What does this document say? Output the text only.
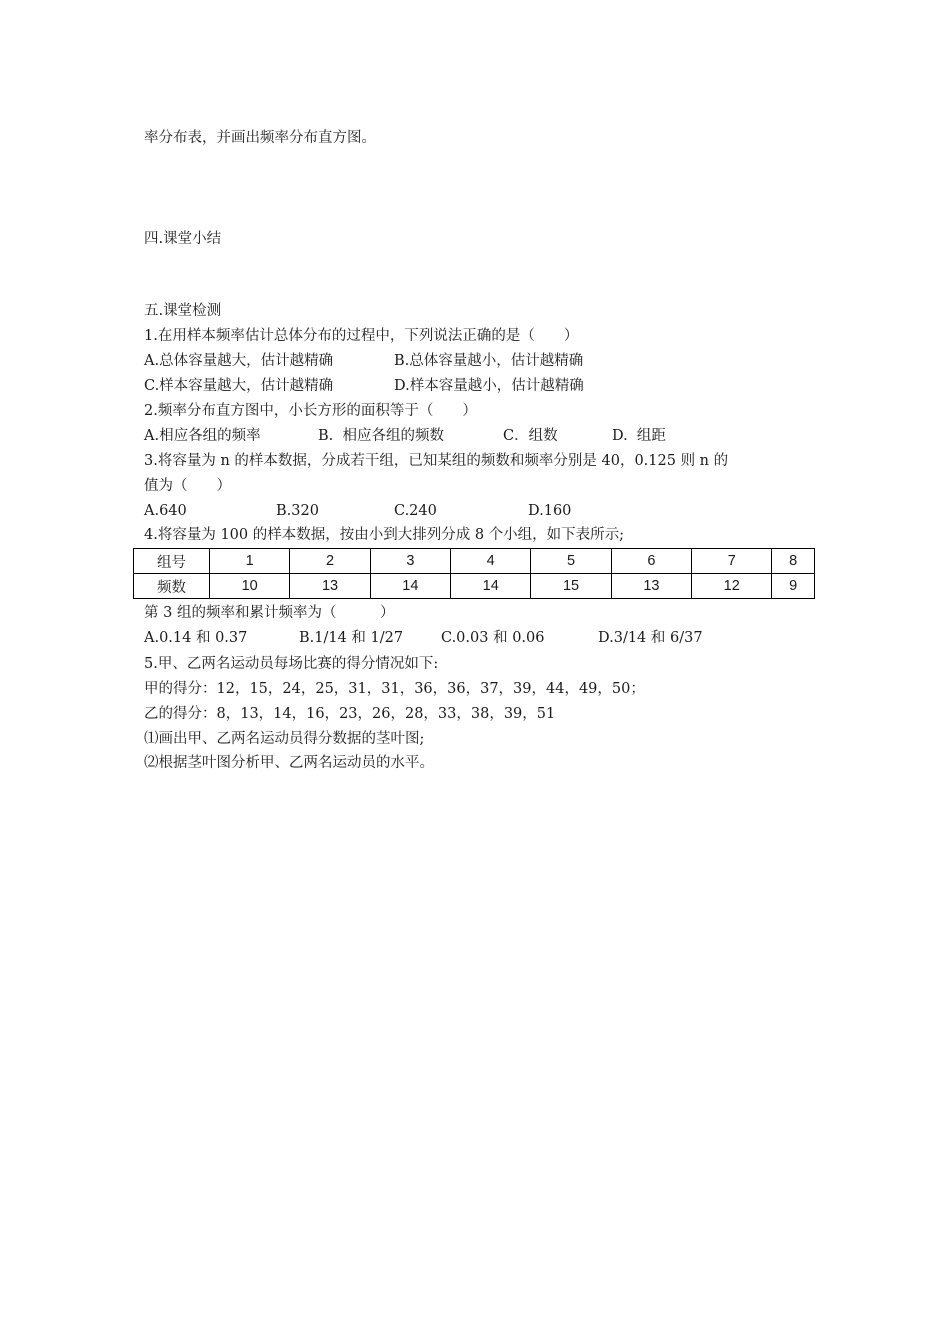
率分布表，并画出频率分布直方图。
四.课堂小结
五.课堂检测
1.在用样本频率估计总体分布的过程中，下列说法正确的是（　　）
A.总体容量越大，估计越精确	B.总体容量越小，估计越精确
C.样本容量越大，估计越精确	D.样本容量越小，估计越精确
2.频率分布直方图中，小长方形的面积等于（　　）
A.相应各组的频率	B.  相应各组的频数	C．组数	D.  组距
3.将容量为 n 的样本数据，分成若干组，已知某组的频数和频率分别是 40，0.125 则 n 的
值为（　　）
A.640	B.320	C.240	D.160
4.将容量为 100 的样本数据，按由小到大排列分成 8 个小组，如下表所示;
组号	1	2	3	4	5	6	7	8
频数	10	13	14	14	15	13	12	9
第 3 组的频率和累计频率为（　　　）
A.0.14 和 0.37	B.1/14 和 1/27	C.0.03 和 0.06	D.3/14 和 6/37
5.甲、乙两名运动员每场比赛的得分情况如下:
甲的得分：12，15，24，25，31，31，36，36，37，39，44，49，50；
乙的得分：8，13，14，16，23，26，28，33，38，39，51
⑴画出甲、乙两名运动员得分数据的茎叶图;
⑵根据茎叶图分析甲、乙两名运动员的水平。
